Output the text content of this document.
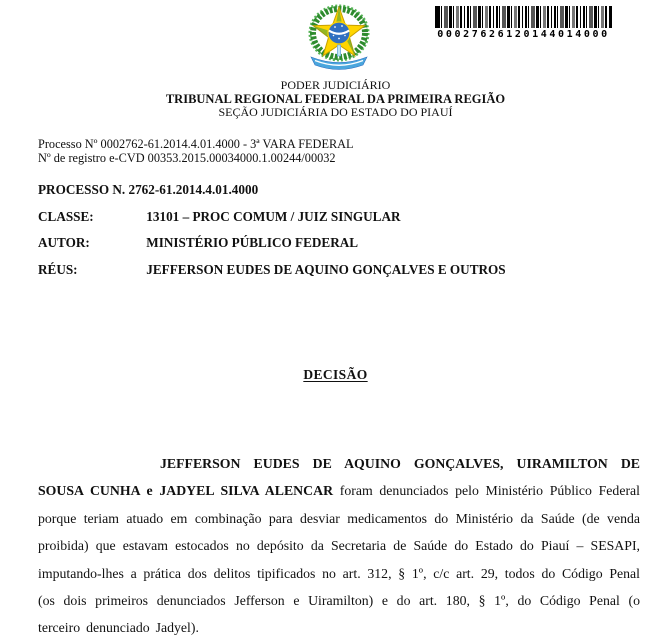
00027626120144014000
PODER JUDICIÁRIO
TRIBUNAL REGIONAL FEDERAL DA PRIMEIRA REGIÃO
SEÇÃO JUDICIÁRIA DO ESTADO DO PIAUÍ
Processo Nº 0002762-61.2014.4.01.4000 - 3ª VARA FEDERAL
Nº de registro e-CVD 00353.2015.00034000.1.00244/00032
PROCESSO N. 2762-61.2014.4.01.4000
CLASSE:	13101 – PROC COMUM / JUIZ SINGULAR
AUTOR:	MINISTÉRIO PÚBLICO FEDERAL
RÉUS:	JEFFERSON EUDES DE AQUINO GONÇALVES E OUTROS
DECISÃO

JEFFERSON EUDES DE AQUINO GONÇALVES, UIRAMILTON DE SOUSA CUNHA e JADYEL SILVA ALENCAR foram denunciados pelo Ministério Público Federal porque teriam atuado em combinação para desviar medicamentos do Ministério da Saúde (de venda proibida) que estavam estocados no depósito da Secretaria de Saúde do Estado do Piauí – SESAPI, imputando-lhes a prática dos delitos tipificados no art. 312, § 1º, c/c art. 29, todos do Código Penal (os dois primeiros denunciados Jefferson e Uiramilton) e do art. 180, § 1º, do Código Penal (o terceiro denunciado Jadyel).
